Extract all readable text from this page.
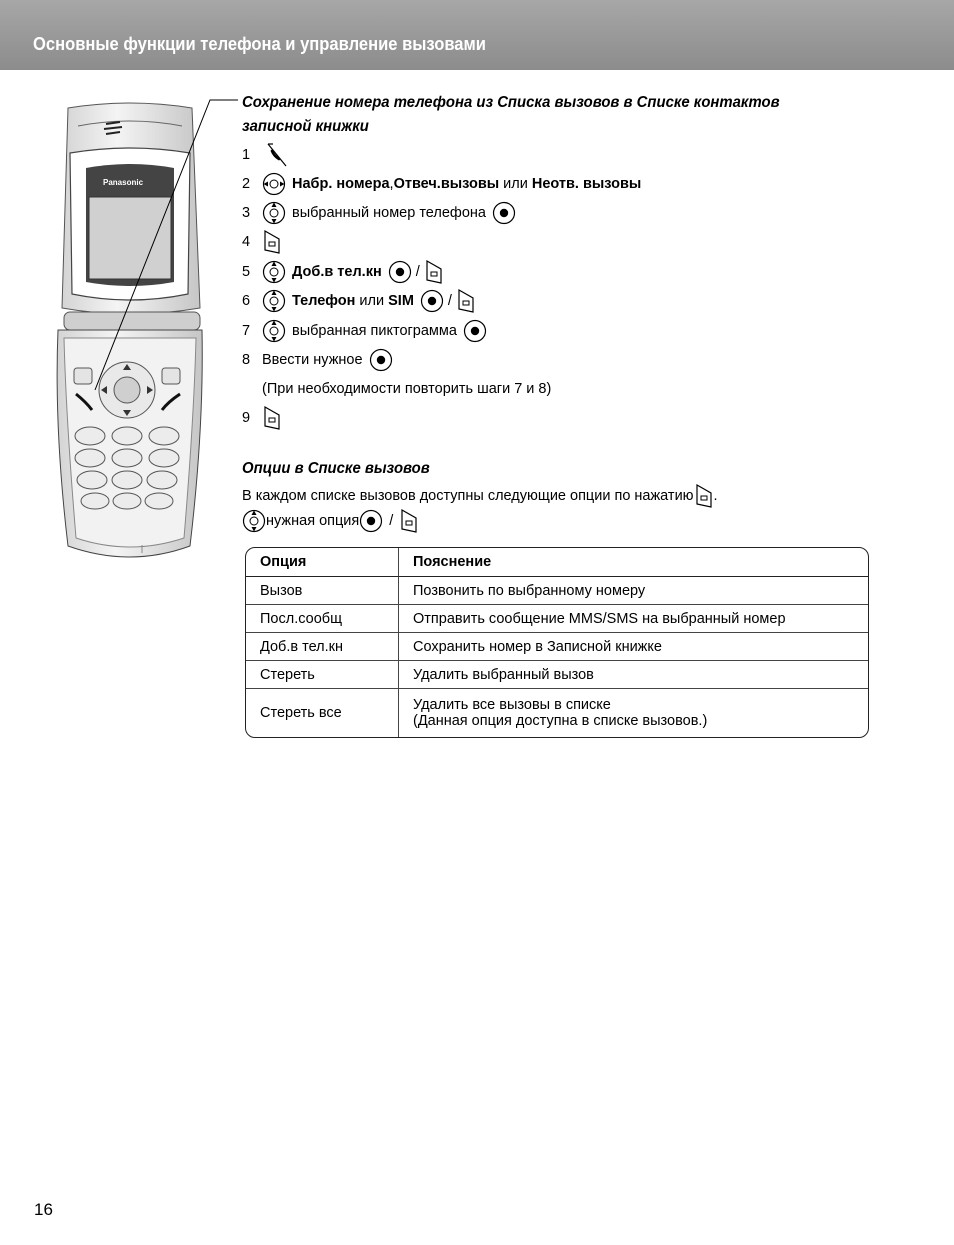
Основные функции телефона и управление вызовами
Panasonic
Сохранение номера телефона из Списка вызовов в Списке контактов
записной книжки
1
2	Набр. номера , Отвеч.вызовы или Неотв. вызовы
3	выбранный номер телефона
4
5	Доб.в тел.кн /
6	Телефон или SIM /
7	выбранная пиктограмма
8 Ввести нужное
(При необходимости повторить шаги 7 и 8)
9
Опции в Списке вызовов
В каждом списке вызовов доступны следующие опции по нажатию .
нужная опция /
Опция	Пояснение
Вызов	Позвонить по выбранному номеру
Посл.сообщ	Отправить сообщение MMS/SMS на выбранный номер
Доб.в тел.кн	Сохранить номер в Записной книжке
Стереть	Удалить выбранный вызов
Стереть все	Удалить все вызовы в списке
(Данная опция доступна в списке вызовов.)
16
